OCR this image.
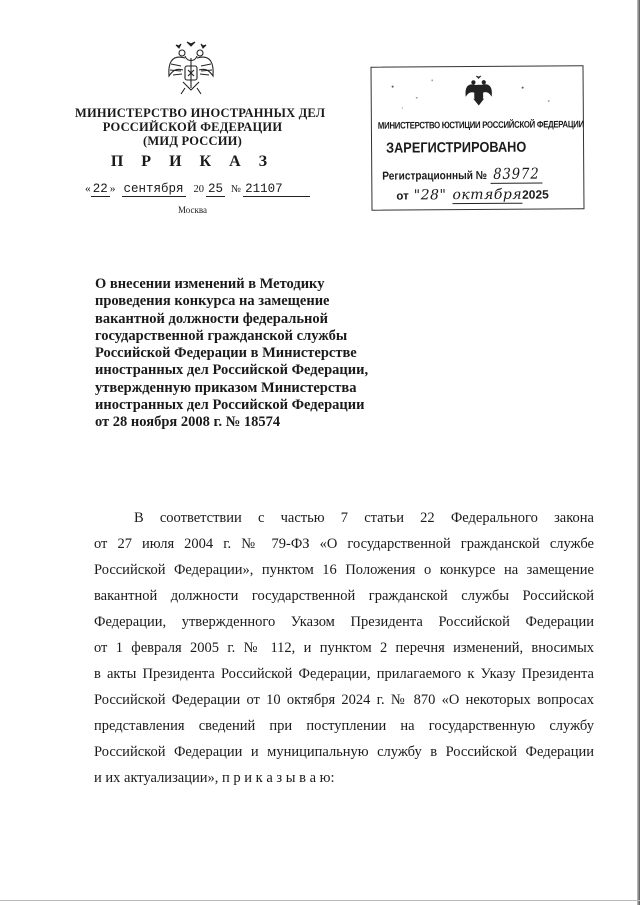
МИНИСТЕРСТВО ИНОСТРАННЫХ ДЕЛ
РОССИЙСКОЙ ФЕДЕРАЦИИ
(МИД РОССИИ)
П Р И К А З
« 22 » сентября 20 25 № 21107
Москва
МИНИСТЕРСТВО ЮСТИЦИИ РОССИЙСКОЙ ФЕДЕРАЦИИ
ЗАРЕГИСТРИРОВАНО
Регистрационный № 83972
от "28" октября 2025
О внесении изменений в Методику
проведения конкурса на замещение
вакантной должности федеральной
государственной гражданской службы
Российской Федерации в Министерстве
иностранных дел Российской Федерации,
утвержденную приказом Министерства
иностранных дел Российской Федерации
от 28 ноября 2008 г. № 18574
В соответствии с частью 7 статьи 22 Федерального закона
от 27 июля 2004 г. № 79-ФЗ «О государственной гражданской службе
Российской Федерации», пунктом 16 Положения о конкурсе на замещение
вакантной должности государственной гражданской службы Российской
Федерации, утвержденного Указом Президента Российской Федерации
от 1 февраля 2005 г. № 112, и пунктом 2 перечня изменений, вносимых
в акты Президента Российской Федерации, прилагаемого к Указу Президента
Российской Федерации от 10 октября 2024 г. № 870 «О некоторых вопросах
представления сведений при поступлении на государственную службу
Российской Федерации и муниципальную службу в Российской Федерации
и их актуализации», п р и к а з ы в а ю:
